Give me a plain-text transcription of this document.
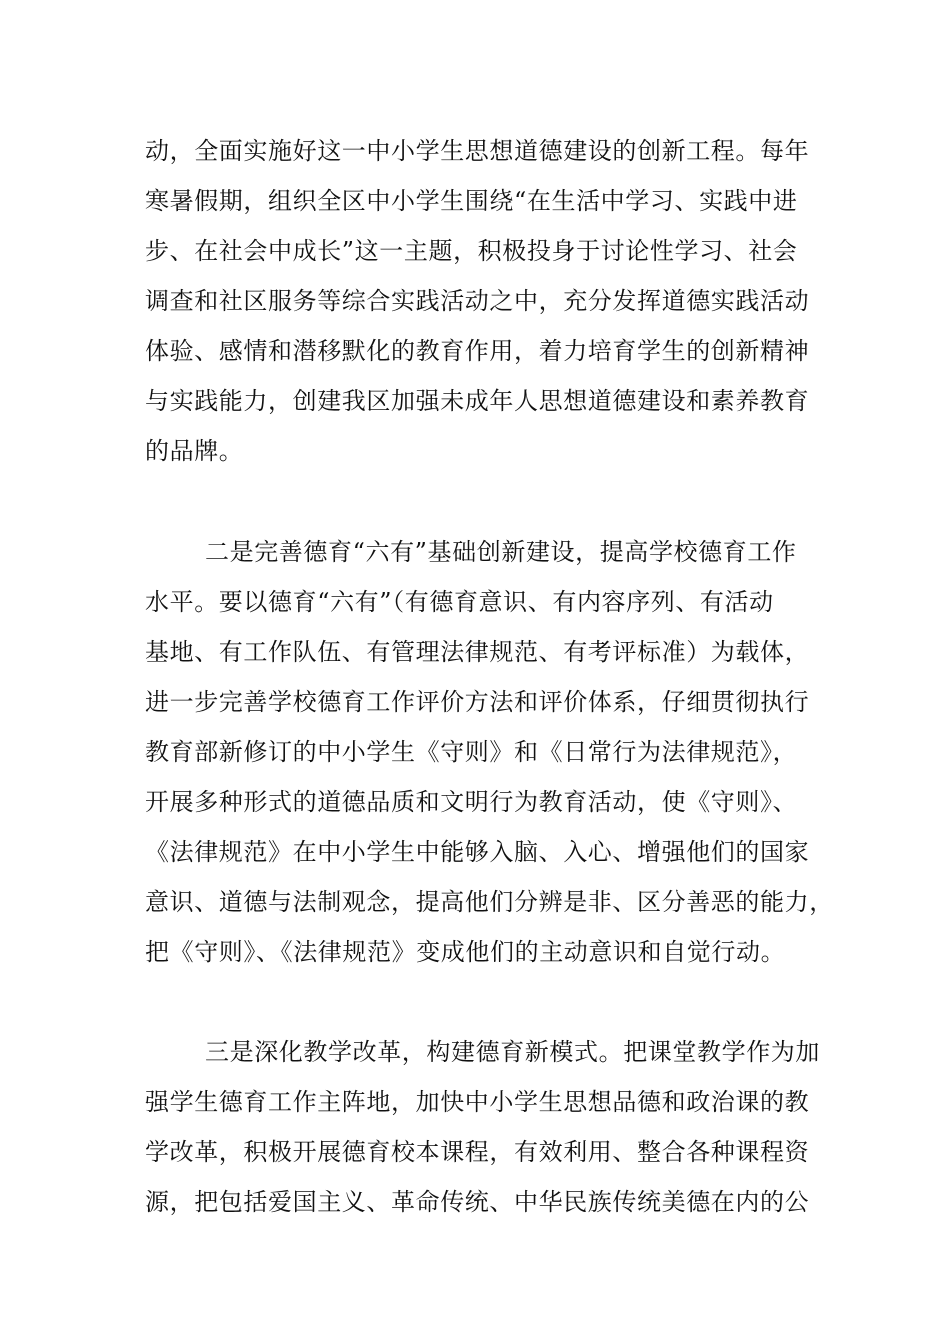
动，全面实施好这一中小学生思想道德建设的创新工程。每年
寒暑假期，组织全区中小学生围绕“在生活中学习、实践中进
步、在社会中成长”这一主题，积极投身于讨论性学习、社会
调查和社区服务等综合实践活动之中，充分发挥道德实践活动
体验、感情和潜移默化的教育作用，着力培育学生的创新精神
与实践能力，创建我区加强未成年人思想道德建设和素养教育
的品牌。
二是完善德育“六有”基础创新建设，提高学校德育工作
水平。要以德育“六有”（有德育意识、有内容序列、有活动
基地、有工作队伍、有管理法律规范、有考评标准）为载体，
进一步完善学校德育工作评价方法和评价体系，仔细贯彻执行
教育部新修订的中小学生《守则》和《日常行为法律规范》，
开展多种形式的道德品质和文明行为教育活动，使《守则》、
《法律规范》在中小学生中能够入脑、入心、增强他们的国家
意识、道德与法制观念，提高他们分辨是非、区分善恶的能力，
把《守则》、《法律规范》变成他们的主动意识和自觉行动。
三是深化教学改革，构建德育新模式。把课堂教学作为加
强学生德育工作主阵地，加快中小学生思想品德和政治课的教
学改革，积极开展德育校本课程，有效利用、整合各种课程资
源，把包括爱国主义、革命传统、中华民族传统美德在内的公
